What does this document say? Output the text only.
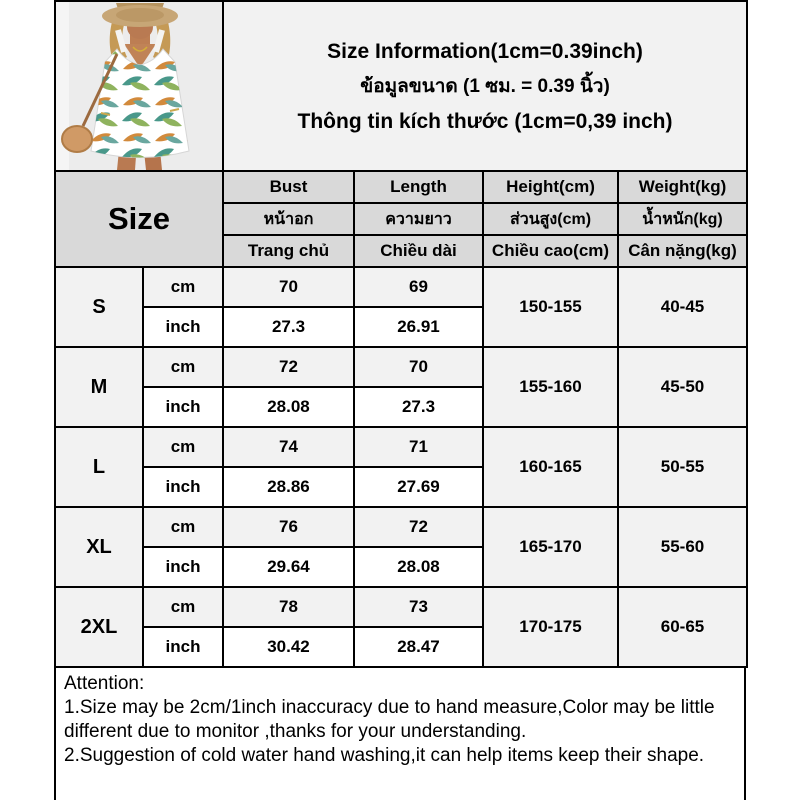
Size Information(1cm=0.39inch)
ข้อมูลขนาด (1 ซม. = 0.39 นิ้ว)
Thông tin kích thước (1cm=0,39 inch)			

Size		Bust	Length	Height(cm)	Weight(kg)
		หน้าอก	ความยาว	ส่วนสูง(cm)	น้ำหนัก(kg)
		Trang chủ	Chiều dài	Chiều cao(cm)	Cân nặng(kg)
S	cm	70	69	150-155	40-45
	inch	27.3	26.91		
M	cm	72	70	155-160	45-50
	inch	28.08	27.3		
L	cm	74	71	160-165	50-55
	inch	28.86	27.69		
XL	cm	76	72	165-170	55-60
	inch	29.64	28.08		
2XL	cm	78	73	170-175	60-65
	inch	30.42	28.47		

Attention:

1.Size may be 2cm/1inch inaccuracy due to hand measure,Color may be little different due to monitor ,thanks for your understanding.

2.Suggestion of cold water hand washing,it can help items keep their shape.
